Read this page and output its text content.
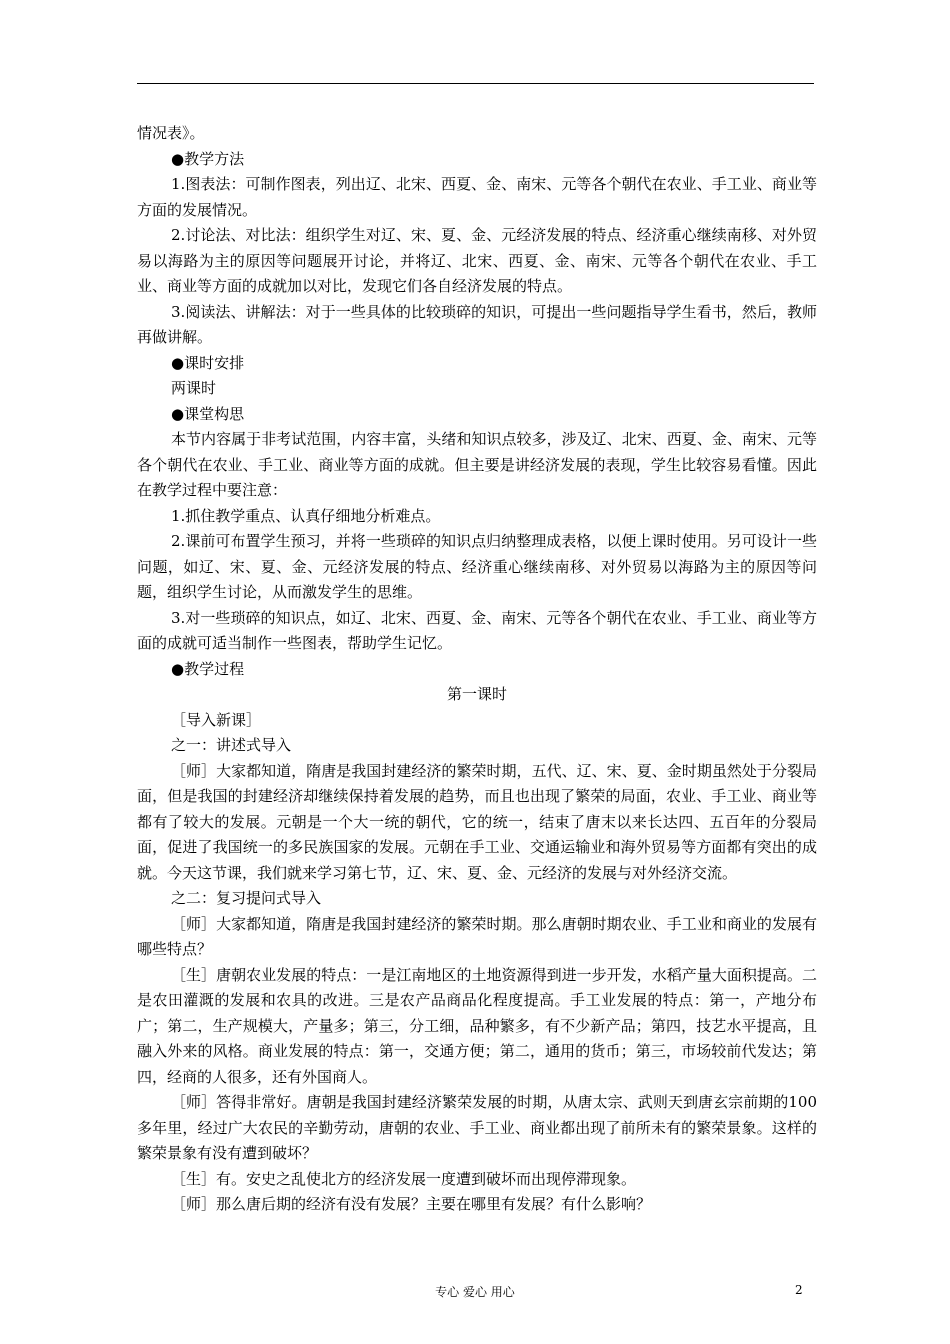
情况表》。

●教学方法

1.图表法：可制作图表，列出辽、北宋、西夏、金、南宋、元等各个朝代在农业、手工业、商业等方面的发展情况。

2.讨论法、对比法：组织学生对辽、宋、夏、金、元经济发展的特点、经济重心继续南移、对外贸易以海路为主的原因等问题展开讨论，并将辽、北宋、西夏、金、南宋、元等各个朝代在农业、手工业、商业等方面的成就加以对比，发现它们各自经济发展的特点。

3.阅读法、讲解法：对于一些具体的比较琐碎的知识，可提出一些问题指导学生看书，然后，教师再做讲解。

●课时安排

两课时

●课堂构思

本节内容属于非考试范围，内容丰富，头绪和知识点较多，涉及辽、北宋、西夏、金、南宋、元等各个朝代在农业、手工业、商业等方面的成就。但主要是讲经济发展的表现，学生比较容易看懂。因此在教学过程中要注意：

1.抓住教学重点、认真仔细地分析难点。

2.课前可布置学生预习，并将一些琐碎的知识点归纳整理成表格，以便上课时使用。另可设计一些问题，如辽、宋、夏、金、元经济发展的特点、经济重心继续南移、对外贸易以海路为主的原因等问题，组织学生讨论，从而激发学生的思维。

3.对一些琐碎的知识点，如辽、北宋、西夏、金、南宋、元等各个朝代在农业、手工业、商业等方面的成就可适当制作一些图表，帮助学生记忆。

●教学过程

第一课时

［导入新课］

之一：讲述式导入

［师］大家都知道，隋唐是我国封建经济的繁荣时期，五代、辽、宋、夏、金时期虽然处于分裂局面，但是我国的封建经济却继续保持着发展的趋势，而且也出现了繁荣的局面，农业、手工业、商业等都有了较大的发展。元朝是一个大一统的朝代，它的统一，结束了唐末以来长达四、五百年的分裂局面，促进了我国统一的多民族国家的发展。元朝在手工业、交通运输业和海外贸易等方面都有突出的成就。今天这节课，我们就来学习第七节，辽、宋、夏、金、元经济的发展与对外经济交流。

之二：复习提问式导入

［师］大家都知道，隋唐是我国封建经济的繁荣时期。那么唐朝时期农业、手工业和商业的发展有哪些特点？

［生］唐朝农业发展的特点：一是江南地区的土地资源得到进一步开发，水稻产量大面积提高。二是农田灌溉的发展和农具的改进。三是农产品商品化程度提高。手工业发展的特点：第一，产地分布广；第二，生产规模大，产量多；第三，分工细，品种繁多，有不少新产品；第四，技艺水平提高，且融入外来的风格。商业发展的特点：第一，交通方便；第二，通用的货币；第三，市场较前代发达；第四，经商的人很多，还有外国商人。

［师］答得非常好。唐朝是我国封建经济繁荣发展的时期，从唐太宗、武则天到唐玄宗前期的100多年里，经过广大农民的辛勤劳动，唐朝的农业、手工业、商业都出现了前所未有的繁荣景象。这样的繁荣景象有没有遭到破坏？

［生］有。安史之乱使北方的经济发展一度遭到破坏而出现停滞现象。

［师］那么唐后期的经济有没有发展？主要在哪里有发展？有什么影响？

专心 爱心 用心	2
